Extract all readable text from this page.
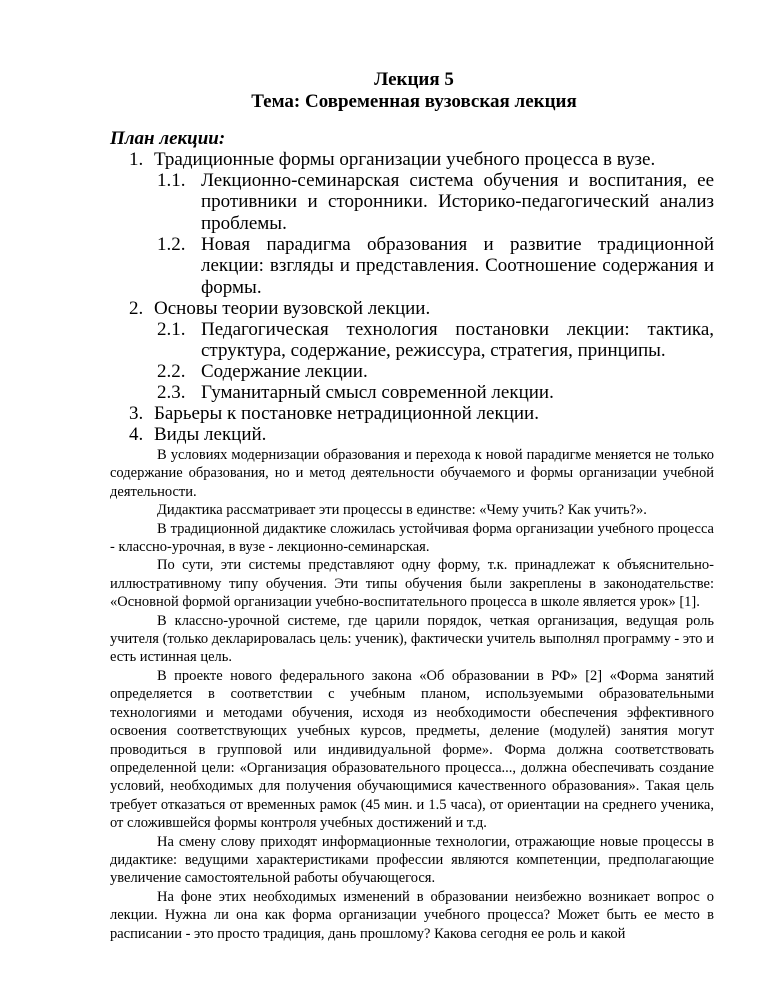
Лекция 5
Тема: Современная вузовская лекция
План лекции:
1. Традиционные формы организации учебного процесса в вузе.
1.1. Лекционно-семинарская система обучения и воспитания, ее противники и сторонники. Историко-педагогический анализ проблемы.
1.2. Новая парадигма образования и развитие традиционной лекции: взгляды и представления. Соотношение содержания и формы.
2. Основы теории вузовской лекции.
2.1. Педагогическая технология постановки лекции: тактика, структура, содержание, режиссура, стратегия, принципы.
2.2. Содержание лекции.
2.3. Гуманитарный смысл современной лекции.
3. Барьеры к постановке нетрадиционной лекции.
4. Виды лекций.

В условиях модернизации образования и перехода к новой парадигме меняется не только содержание образования, но и метод деятельности обучаемого и формы организации учебной деятельности.

Дидактика рассматривает эти процессы в единстве: «Чему учить? Как учить?».

В традиционной дидактике сложилась устойчивая форма организации учебного процесса - классно-урочная, в вузе - лекционно-семинарская.

По сути, эти системы представляют одну форму, т.к. принадлежат к объяснительно-иллюстративному типу обучения. Эти типы обучения были закреплены в законодательстве: «Основной формой организации учебно-воспитательного процесса в школе является урок» [1].

В классно-урочной системе, где царили порядок, четкая организация, ведущая роль учителя (только декларировалась цель: ученик), фактически учитель выполнял программу - это и есть истинная цель.

В проекте нового федерального закона «Об образовании в РФ» [2] «Форма занятий определяется в соответствии с учебным планом, используемыми образовательными технологиями и методами обучения, исходя из необходимости обеспечения эффективного освоения соответствующих учебных курсов, предметы, деление (модулей) занятия могут проводиться в групповой или индивидуальной форме». Форма должна соответствовать определенной цели: «Организация образовательного процесса..., должна обеспечивать создание условий, необходимых для получения обучающимися качественного образования». Такая цель требует отказаться от временных рамок (45 мин. и 1.5 часа), от ориентации на среднего ученика, от сложившейся формы контроля учебных достижений и т.д.

На смену слову приходят информационные технологии, отражающие новые процессы в дидактике: ведущими характеристиками профессии являются компетенции, предполагающие увеличение самостоятельной работы обучающегося.

На фоне этих необходимых изменений в образовании неизбежно возникает вопрос о лекции. Нужна ли она как форма организации учебного процесса? Может быть ее место в расписании - это просто традиция, дань прошлому? Какова сегодня ее роль и какой
